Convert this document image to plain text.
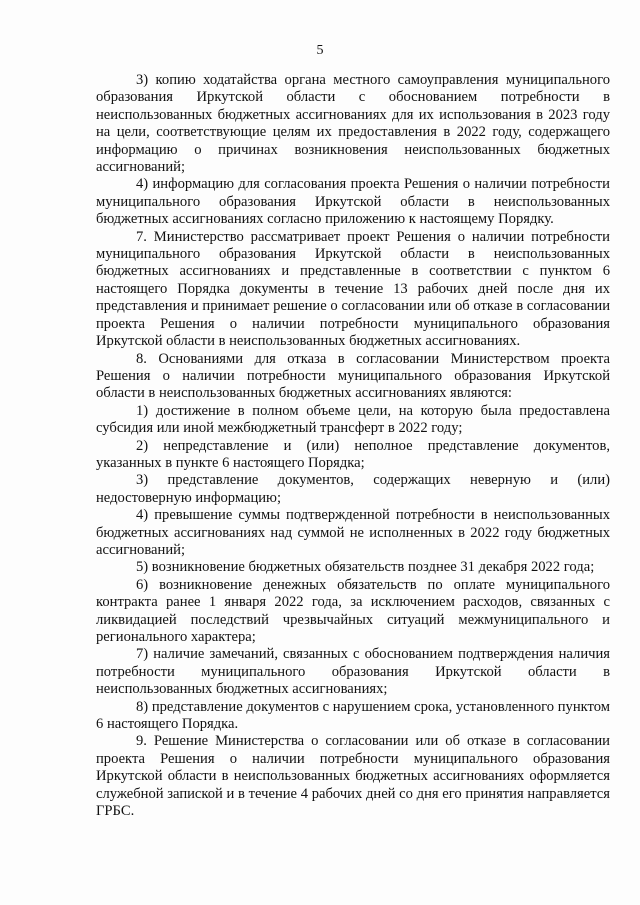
5

3) копию ходатайства органа местного самоуправления муниципального образования Иркутской области с обоснованием потребности в неиспользованных бюджетных ассигнованиях для их использования в 2023 году на цели, соответствующие целям их предоставления в 2022 году, содержащего информацию о причинах возникновения неиспользованных бюджетных ассигнований;

4) информацию для согласования проекта Решения о наличии потребности муниципального образования Иркутской области в неиспользованных бюджетных ассигнованиях согласно приложению к настоящему Порядку.

7. Министерство рассматривает проект Решения о наличии потребности муниципального образования Иркутской области в неиспользованных бюджетных ассигнованиях и представленные в соответствии с пунктом 6 настоящего Порядка документы в течение 13 рабочих дней после дня их представления и принимает решение о согласовании или об отказе в согласовании проекта Решения о наличии потребности муниципального образования Иркутской области в неиспользованных бюджетных ассигнованиях.

8. Основаниями для отказа в согласовании Министерством проекта Решения о наличии потребности муниципального образования Иркутской области в неиспользованных бюджетных ассигнованиях являются:

1) достижение в полном объеме цели, на которую была предоставлена субсидия или иной межбюджетный трансферт в 2022 году;

2) непредставление и (или) неполное представление документов, указанных в пункте 6 настоящего Порядка;

3) представление документов, содержащих неверную и (или) недостоверную информацию;

4) превышение суммы подтвержденной потребности в неиспользованных бюджетных ассигнованиях над суммой не исполненных в 2022 году бюджетных ассигнований;

5) возникновение бюджетных обязательств позднее 31 декабря 2022 года;

6) возникновение денежных обязательств по оплате муниципального контракта ранее 1 января 2022 года, за исключением расходов, связанных с ликвидацией последствий чрезвычайных ситуаций межмуниципального и регионального характера;

7) наличие замечаний, связанных с обоснованием подтверждения наличия потребности муниципального образования Иркутской области в неиспользованных бюджетных ассигнованиях;

8) представление документов с нарушением срока, установленного пунктом 6 настоящего Порядка.

9. Решение Министерства о согласовании или об отказе в согласовании проекта Решения о наличии потребности муниципального образования Иркутской области в неиспользованных бюджетных ассигнованиях оформляется служебной запиской и в течение 4 рабочих дней со дня его принятия направляется ГРБС.
